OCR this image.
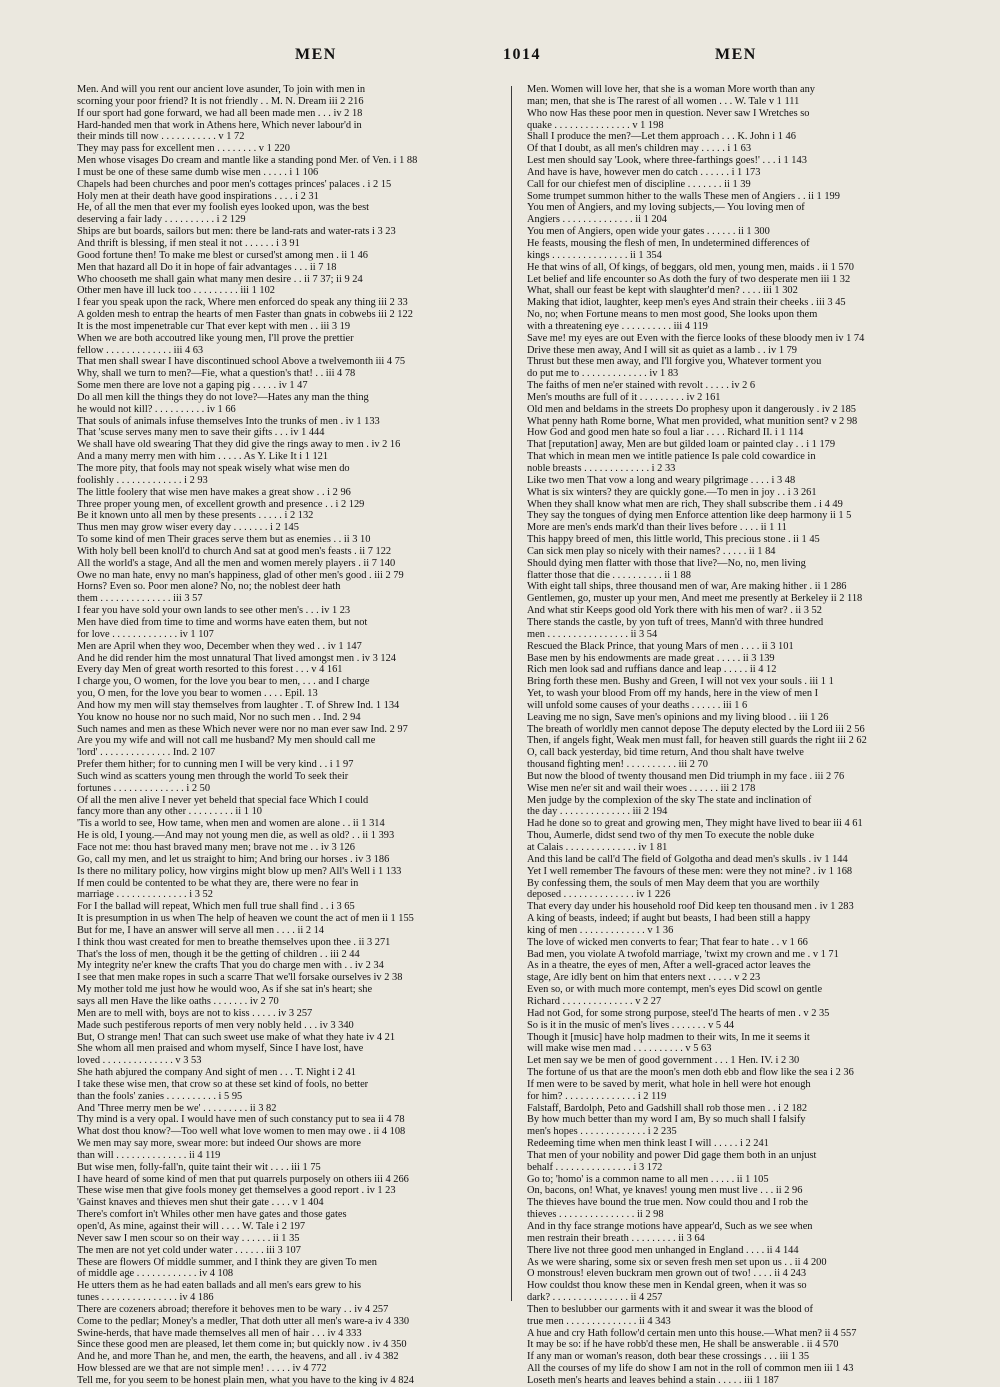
MEN	1014	MEN
Men. And will you rent our ancient love asunder, To join with men in
scorning your poor friend? It is not friendly . . M. N. Dream iii 2 216
If our sport had gone forward, we had all been made men . . . iv 2 18
Hard-handed men that work in Athens here, Which never labour'd in
their minds till now . . . . . . . . . . . v 1 72
They may pass for excellent men . . . . . . . . v 1 220
Men whose visages Do cream and mantle like a standing pond Mer. of Ven. i 1 88
I must be one of these same dumb wise men . . . . . i 1 106
Chapels had been churches and poor men's cottages princes' palaces . i 2 15
Holy men at their death have good inspirations . . . . i 2 31
He, of all the men that ever my foolish eyes looked upon, was the best
deserving a fair lady . . . . . . . . . . i 2 129
Ships are but boards, sailors but men: there be land-rats and water-rats i 3 23
And thrift is blessing, if men steal it not . . . . . . i 3 91
Good fortune then! To make me blest or cursed'st among men . ii 1 46
Men that hazard all Do it in hope of fair advantages . . . ii 7 18
Who chooseth me shall gain what many men desire . . ii 7 37; ii 9 24
Other men have ill luck too . . . . . . . . . iii 1 102
I fear you speak upon the rack, Where men enforced do speak any thing iii 2 33
A golden mesh to entrap the hearts of men Faster than gnats in cobwebs iii 2 122
It is the most impenetrable cur That ever kept with men . . iii 3 19
When we are both accoutred like young men, I'll prove the prettier
fellow . . . . . . . . . . . . . iii 4 63
That men shall swear I have discontinued school Above a twelvemonth iii 4 75
Why, shall we turn to men?—Fie, what a question's that! . . iii 4 78
Some men there are love not a gaping pig . . . . . iv 1 47
Do all men kill the things they do not love?—Hates any man the thing
he would not kill? . . . . . . . . . . iv 1 66
That souls of animals infuse themselves Into the trunks of men . iv 1 133
That 'scuse serves many men to save their gifts . . . iv 1 444
We shall have old swearing That they did give the rings away to men . iv 2 16
And a many merry men with him . . . . . As Y. Like It i 1 121
The more pity, that fools may not speak wisely what wise men do
foolishly . . . . . . . . . . . . . i 2 93
The little foolery that wise men have makes a great show . . i 2 96
Three proper young men, of excellent growth and presence . . i 2 129
Be it known unto all men by these presents . . . . . i 2 132
Thus men may grow wiser every day . . . . . . . i 2 145
To some kind of men Their graces serve them but as enemies . . ii 3 10
With holy bell been knoll'd to church And sat at good men's feasts . ii 7 122
All the world's a stage, And all the men and women merely players . ii 7 140
Owe no man hate, envy no man's happiness, glad of other men's good . iii 2 79
Horns? Even so. Poor men alone? No, no; the noblest deer hath
them . . . . . . . . . . . . . . iii 3 57
I fear you have sold your own lands to see other men's . . . iv 1 23
Men have died from time to time and worms have eaten them, but not
for love . . . . . . . . . . . . . iv 1 107
Men are April when they woo, December when they wed . . iv 1 147
And he did render him the most unnatural That lived amongst men . iv 3 124
Every day Men of great worth resorted to this forest . . . v 4 161
I charge you, O women, for the love you bear to men, . . . and I charge
you, O men, for the love you bear to women . . . . Epil. 13
And how my men will stay themselves from laughter . T. of Shrew Ind. 1 134
You know no house nor no such maid, Nor no such men . . Ind. 2 94
Such names and men as these Which never were nor no man ever saw Ind. 2 97
Are you my wife and will not call me husband? My men should call me
'lord' . . . . . . . . . . . . . . Ind. 2 107
Prefer them hither; for to cunning men I will be very kind . . i 1 97
Such wind as scatters young men through the world To seek their
fortunes . . . . . . . . . . . . . . i 2 50
Of all the men alive I never yet beheld that special face Which I could
fancy more than any other . . . . . . . . . ii 1 10
'Tis a world to see, How tame, when men and women are alone . . ii 1 314
He is old, I young.—And may not young men die, as well as old? . . ii 1 393
Face not me: thou hast braved many men; brave not me . . iv 3 126
Go, call my men, and let us straight to him; And bring our horses . iv 3 186
Is there no military policy, how virgins might blow up men? All's Well i 1 133
If men could be contented to be what they are, there were no fear in
marriage . . . . . . . . . . . . . . i 3 52
For I the ballad will repeat, Which men full true shall find . . i 3 65
It is presumption in us when The help of heaven we count the act of men ii 1 155
But for me, I have an answer will serve all men . . . . ii 2 14
I think thou wast created for men to breathe themselves upon thee . ii 3 271
That's the loss of men, though it be the getting of children . . iii 2 44
My integrity ne'er knew the crafts That you do charge men with . . iv 2 34
I see that men make ropes in such a scarre That we'll forsake ourselves iv 2 38
My mother told me just how he would woo, As if she sat in's heart; she
says all men Have the like oaths . . . . . . . iv 2 70
Men are to mell with, boys are not to kiss . . . . . iv 3 257
Made such pestiferous reports of men very nobly held . . . iv 3 340
But, O strange men! That can such sweet use make of what they hate iv 4 21
She whom all men praised and whom myself, Since I have lost, have
loved . . . . . . . . . . . . . . v 3 53
She hath abjured the company And sight of men . . . T. Night i 2 41
I take these wise men, that crow so at these set kind of fools, no better
than the fools' zanies . . . . . . . . . . i 5 95
And 'Three merry men be we' . . . . . . . . . ii 3 82
Thy mind is a very opal. I would have men of such constancy put to sea ii 4 78
What dost thou know?—Too well what love women to men may owe . ii 4 108
We men may say more, swear more: but indeed Our shows are more
than will . . . . . . . . . . . . . . ii 4 119
But wise men, folly-fall'n, quite taint their wit . . . . iii 1 75
I have heard of some kind of men that put quarrels purposely on others iii 4 266
These wise men that give fools money get themselves a good report . iv 1 23
'Gainst knaves and thieves men shut their gate . . . . v 1 404
There's comfort in't Whiles other men have gates and those gates
open'd, As mine, against their will . . . . W. Tale i 2 197
Never saw I men scour so on their way . . . . . . ii 1 35
The men are not yet cold under water . . . . . . iii 3 107
These are flowers Of middle summer, and I think they are given To men
of middle age . . . . . . . . . . . . iv 4 108
He utters them as he had eaten ballads and all men's ears grew to his
tunes . . . . . . . . . . . . . . . iv 4 186
There are cozeners abroad; therefore it behoves men to be wary . . iv 4 257
Come to the pedlar; Money's a medler, That doth utter all men's ware-a iv 4 330
Swine-herds, that have made themselves all men of hair . . . iv 4 333
Since these good men are pleased, let them come in; but quickly now . iv 4 350
And he, and more Than he, and men, the earth, the heavens, and all . iv 4 382
How blessed are we that are not simple men! . . . . . iv 4 772
Tell me, for you seem to be honest plain men, what you have to the king iv 4 824
Men. Women will love her, that she is a woman More worth than any
man; men, that she is The rarest of all women . . . W. Tale v 1 111
Who now Has these poor men in question. Never saw I Wretches so
quake . . . . . . . . . . . . . . . v 1 198
Shall I produce the men?—Let them approach . . . K. John i 1 46
Of that I doubt, as all men's children may . . . . . i 1 63
Lest men should say 'Look, where three-farthings goes!' . . . i 1 143
And have is have, however men do catch . . . . . . i 1 173
Call for our chiefest men of discipline . . . . . . . ii 1 39
Some trumpet summon hither to the walls These men of Angiers . . ii 1 199
You men of Angiers, and my loving subjects,— You loving men of
Angiers . . . . . . . . . . . . . . ii 1 204
You men of Angiers, open wide your gates . . . . . . ii 1 300
He feasts, mousing the flesh of men, In undetermined differences of
kings . . . . . . . . . . . . . . . ii 1 354
He that wins of all, Of kings, of beggars, old men, young men, maids . ii 1 570
Let belief and life encounter so As doth the fury of two desperate men iii 1 32
What, shall our feast be kept with slaughter'd men? . . . . iii 1 302
Making that idiot, laughter, keep men's eyes And strain their cheeks . iii 3 45
No, no; when Fortune means to men most good, She looks upon them
with a threatening eye . . . . . . . . . . iii 4 119
Save me! my eyes are out Even with the fierce looks of these bloody men iv 1 74
Drive these men away, And I will sit as quiet as a lamb . . iv 1 79
Thrust but these men away, and I'll forgive you, Whatever torment you
do put me to . . . . . . . . . . . . . iv 1 83
The faiths of men ne'er stained with revolt . . . . . iv 2 6
Men's mouths are full of it . . . . . . . . . iv 2 161
Old men and beldams in the streets Do prophesy upon it dangerously . iv 2 185
What penny hath Rome borne, What men provided, what munition sent? v 2 98
How God and good men hate so foul a liar . . . . Richard II. i 1 114
That [reputation] away, Men are but gilded loam or painted clay . . i 1 179
That which in mean men we intitle patience Is pale cold cowardice in
noble breasts . . . . . . . . . . . . . i 2 33
Like two men That vow a long and weary pilgrimage . . . . i 3 48
What is six winters? they are quickly gone.—To men in joy . . i 3 261
When they shall know what men are rich, They shall subscribe them . i 4 49
They say the tongues of dying men Enforce attention like deep harmony ii 1 5
More are men's ends mark'd than their lives before . . . . ii 1 11
This happy breed of men, this little world, This precious stone . ii 1 45
Can sick men play so nicely with their names? . . . . . ii 1 84
Should dying men flatter with those that live?—No, no, men living
flatter those that die . . . . . . . . . . ii 1 88
With eight tall ships, three thousand men of war, Are making hither . ii 1 286
Gentlemen, go, muster up your men, And meet me presently at Berkeley ii 2 118
And what stir Keeps good old York there with his men of war? . ii 3 52
There stands the castle, by yon tuft of trees, Mann'd with three hundred
men . . . . . . . . . . . . . . . . ii 3 54
Rescued the Black Prince, that young Mars of men . . . . ii 3 101
Base men by his endowments are made great . . . . . ii 3 139
Rich men look sad and ruffians dance and leap . . . . . ii 4 12
Bring forth these men. Bushy and Green, I will not vex your souls . iii 1 1
Yet, to wash your blood From off my hands, here in the view of men I
will unfold some causes of your deaths . . . . . . iii 1 6
Leaving me no sign, Save men's opinions and my living blood . . iii 1 26
The breath of worldly men cannot depose The deputy elected by the Lord iii 2 56
Then, if angels fight, Weak men must fall, for heaven still guards the right iii 2 62
O, call back yesterday, bid time return, And thou shalt have twelve
thousand fighting men! . . . . . . . . . . iii 2 70
But now the blood of twenty thousand men Did triumph in my face . iii 2 76
Wise men ne'er sit and wail their woes . . . . . . iii 2 178
Men judge by the complexion of the sky The state and inclination of
the day . . . . . . . . . . . . . . iii 2 194
Had he done so to great and growing men, They might have lived to bear iii 4 61
Thou, Aumerle, didst send two of thy men To execute the noble duke
at Calais . . . . . . . . . . . . . . iv 1 81
And this land be call'd The field of Golgotha and dead men's skulls . iv 1 144
Yet I well remember The favours of these men: were they not mine? . iv 1 168
By confessing them, the souls of men May deem that you are worthily
deposed . . . . . . . . . . . . . . iv 1 226
That every day under his household roof Did keep ten thousand men . iv 1 283
A king of beasts, indeed; if aught but beasts, I had been still a happy
king of men . . . . . . . . . . . . . v 1 36
The love of wicked men converts to fear; That fear to hate . . v 1 66
Bad men, you violate A twofold marriage, 'twixt my crown and me . v 1 71
As in a theatre, the eyes of men, After a well-graced actor leaves the
stage, Are idly bent on him that enters next . . . . . v 2 23
Even so, or with much more contempt, men's eyes Did scowl on gentle
Richard . . . . . . . . . . . . . . v 2 27
Had not God, for some strong purpose, steel'd The hearts of men . v 2 35
So is it in the music of men's lives . . . . . . . v 5 44
Though it [music] have holp madmen to their wits, In me it seems it
will make wise men mad . . . . . . . . . . v 5 63
Let men say we be men of good government . . . 1 Hen. IV. i 2 30
The fortune of us that are the moon's men doth ebb and flow like the sea i 2 36
If men were to be saved by merit, what hole in hell were hot enough
for him? . . . . . . . . . . . . . . i 2 119
Falstaff, Bardolph, Peto and Gadshill shall rob those men . . i 2 182
By how much better than my word I am, By so much shall I falsify
men's hopes . . . . . . . . . . . . . i 2 235
Redeeming time when men think least I will . . . . . i 2 241
That men of your nobility and power Did gage them both in an unjust
behalf . . . . . . . . . . . . . . . i 3 172
Go to; 'homo' is a common name to all men . . . . . ii 1 105
On, bacons, on! What, ye knaves! young men must live . . . ii 2 96
The thieves have bound the true men. Now could thou and I rob the
thieves . . . . . . . . . . . . . . . ii 2 98
And in thy face strange motions have appear'd, Such as we see when
men restrain their breath . . . . . . . . . ii 3 64
There live not three good men unhanged in England . . . . ii 4 144
As we were sharing, some six or seven fresh men set upon us . . ii 4 200
O monstrous! eleven buckram men grown out of two! . . . . ii 4 243
How couldst thou know these men in Kendal green, when it was so
dark? . . . . . . . . . . . . . . . ii 4 257
Then to beslubber our garments with it and swear it was the blood of
true men . . . . . . . . . . . . . . ii 4 343
A hue and cry Hath follow'd certain men unto this house.—What men? ii 4 557
It may be so: if he have robb'd these men, He shall be answerable . ii 4 570
If any man or woman's reason, doth bear these crossings . . . iii 1 35
All the courses of my life do show I am not in the roll of common men iii 1 43
Loseth men's hearts and leaves behind a stain . . . . . iii 1 187
